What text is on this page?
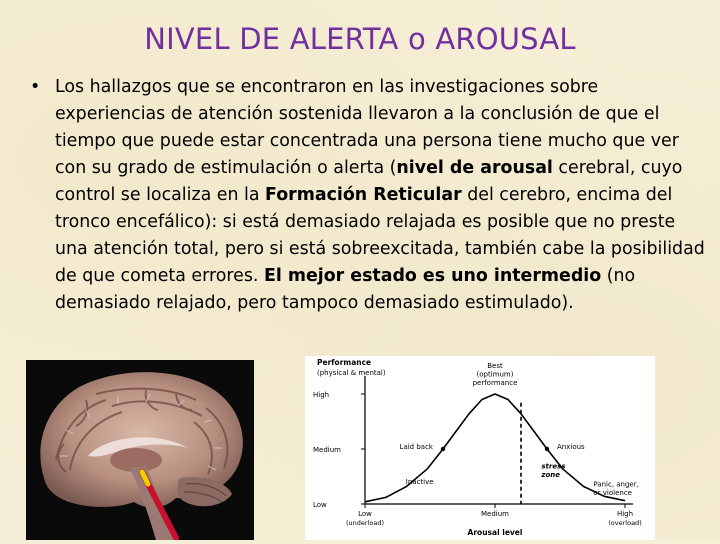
NIVEL DE ALERTA o AROUSAL
• Los hallazgos que se encontraron en las investigaciones sobre experiencias de atención sostenida llevaron a la conclusión de que el tiempo que puede estar concentrada una persona tiene mucho que ver con su grado de estimulación o alerta (nivel de arousal cerebral, cuyo control se localiza en la Formación Reticular del cerebro, encima del tronco encefálico): si está demasiado relajada es posible que no preste una atención total, pero si está sobreexcitada, también cabe la posibilidad de que cometa errores. El mejor estado es uno intermedio (no demasiado relajado, pero tampoco demasiado estimulado).
Performance
(physical & mental)
High
Medium
Low
Low
(underload)
Medium	High
(overload)
Arousal level
Best
(optimum)
performance
Laid back	Anxious
Inactive
stress
zone
Panic, anger,
or violence
